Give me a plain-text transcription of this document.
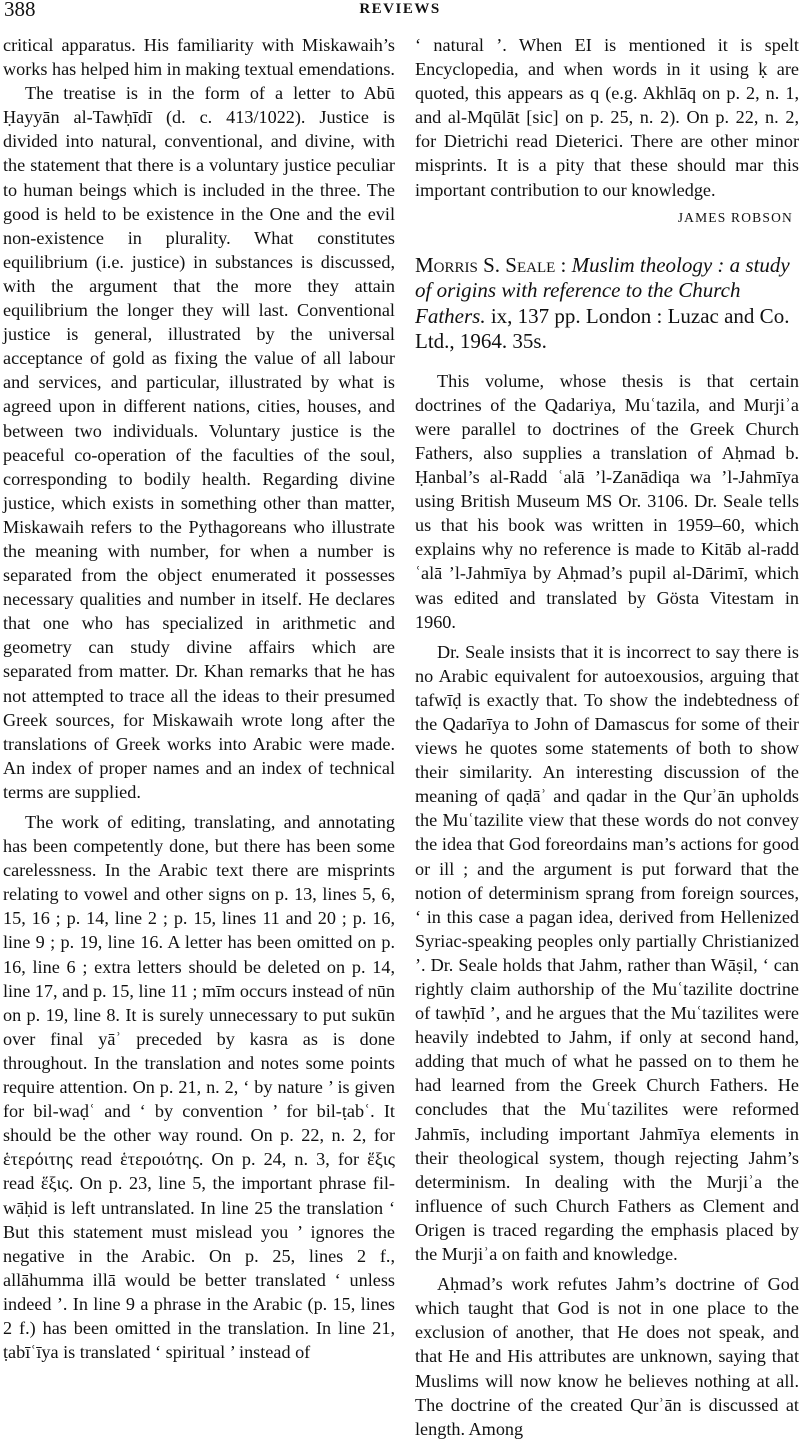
388	REVIEWS

critical apparatus. His familiarity with Miskawaih’s works has helped him in making textual emendations.

The treatise is in the form of a letter to Abū Ḥayyān al-Tawḥīdī (d. c. 413/1022). Justice is divided into natural, conventional, and divine, with the statement that there is a voluntary justice peculiar to human beings which is included in the three. The good is held to be existence in the One and the evil non-existence in plurality. What constitutes equilibrium (i.e. justice) in substances is discussed, with the argument that the more they attain equilibrium the longer they will last. Conventional justice is general, illustrated by the universal acceptance of gold as fixing the value of all labour and services, and particular, illustrated by what is agreed upon in different nations, cities, houses, and between two individuals. Voluntary justice is the peaceful co-operation of the faculties of the soul, corresponding to bodily health. Regarding divine justice, which exists in something other than matter, Miskawaih refers to the Pythagoreans who illustrate the meaning with number, for when a number is separated from the object enumerated it possesses necessary qualities and number in itself. He declares that one who has specialized in arithmetic and geometry can study divine affairs which are separated from matter. Dr. Khan remarks that he has not attempted to trace all the ideas to their presumed Greek sources, for Miskawaih wrote long after the translations of Greek works into Arabic were made. An index of proper names and an index of technical terms are supplied.

The work of editing, translating, and annotating has been competently done, but there has been some carelessness. In the Arabic text there are misprints relating to vowel and other signs on p. 13, lines 5, 6, 15, 16 ; p. 14, line 2 ; p. 15, lines 11 and 20 ; p. 16, line 9 ; p. 19, line 16. A letter has been omitted on p. 16, line 6 ; extra letters should be deleted on p. 14, line 17, and p. 15, line 11 ; mīm occurs instead of nūn on p. 19, line 8. It is surely unnecessary to put sukūn over final yāʾ preceded by kasra as is done throughout. In the translation and notes some points require attention. On p. 21, n. 2, ‘ by nature ’ is given for bil-waḍʿ and ‘ by convention ’ for bil-ṭabʿ. It should be the other way round. On p. 22, n. 2, for ἑτερόιτης read ἑτεροιότης. On p. 24, n. 3, for ἕξις read ἕξις. On p. 23, line 5, the important phrase fil-wāḥid is left untranslated. In line 25 the translation ‘ But this statement must mislead you ’ ignores the negative in the Arabic. On p. 25, lines 2 f., allāhumma illā would be better translated ‘ unless indeed ’. In line 9 a phrase in the Arabic (p. 15, lines 2 f.) has been omitted in the translation. In line 21, ṭabīʿīya is translated ‘ spiritual ’ instead of

‘ natural ’. When EI is mentioned it is spelt Encyclopedia, and when words in it using ḳ are quoted, this appears as q (e.g. Akhlāq on p. 2, n. 1, and al-Mqūlāt [sic] on p. 25, n. 2). On p. 22, n. 2, for Dietrichi read Dieterici. There are other minor misprints. It is a pity that these should mar this important contribution to our knowledge.

JAMES ROBSON

Morris S. Seale : Muslim theology : a study of origins with reference to the Church Fathers. ix, 137 pp. London : Luzac and Co. Ltd., 1964. 35s.

This volume, whose thesis is that certain doctrines of the Qadariya, Muʿtazila, and Murjiʾa were parallel to doctrines of the Greek Church Fathers, also supplies a translation of Aḥmad b. Ḥanbal’s al-Radd ʿalā ’l-Zanādiqa wa ’l-Jahmīya using British Museum MS Or. 3106. Dr. Seale tells us that his book was written in 1959–60, which explains why no reference is made to Kitāb al-radd ʿalā ’l-Jahmīya by Aḥmad’s pupil al-Dārimī, which was edited and translated by Gösta Vitestam in 1960.

Dr. Seale insists that it is incorrect to say there is no Arabic equivalent for autoexousios, arguing that tafwīḍ is exactly that. To show the indebtedness of the Qadarīya to John of Damascus for some of their views he quotes some statements of both to show their similarity. An interesting discussion of the meaning of qaḍāʾ and qadar in the Qurʾān upholds the Muʿtazilite view that these words do not convey the idea that God foreordains man’s actions for good or ill ; and the argument is put forward that the notion of determinism sprang from foreign sources, ‘ in this case a pagan idea, derived from Hellenized Syriac-speaking peoples only partially Christianized ’. Dr. Seale holds that Jahm, rather than Wāṣil, ‘ can rightly claim authorship of the Muʿtazilite doctrine of tawḥīd ’, and he argues that the Muʿtazilites were heavily indebted to Jahm, if only at second hand, adding that much of what he passed on to them he had learned from the Greek Church Fathers. He concludes that the Muʿtazilites were reformed Jahmīs, including important Jahmīya elements in their theological system, though rejecting Jahm’s determinism. In dealing with the Murjiʾa the influence of such Church Fathers as Clement and Origen is traced regarding the emphasis placed by the Murjiʾa on faith and knowledge.

Aḥmad’s work refutes Jahm’s doctrine of God which taught that God is not in one place to the exclusion of another, that He does not speak, and that He and His attributes are unknown, saying that Muslims will now know he believes nothing at all. The doctrine of the created Qurʾān is discussed at length. Among
